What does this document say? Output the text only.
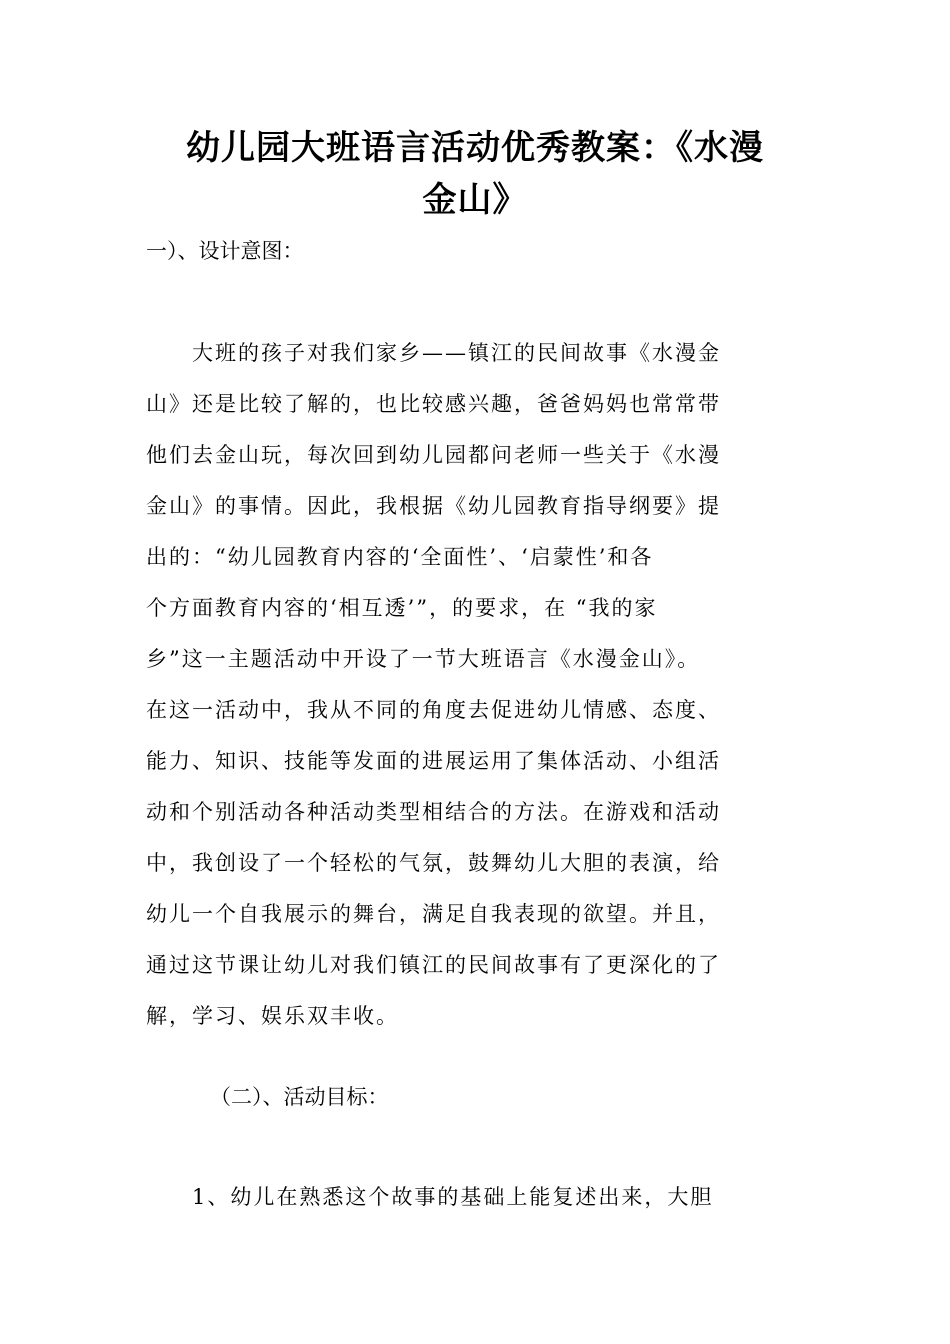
幼儿园大班语言活动优秀教案：《水漫
金山》
一）、设计意图：
　　大班的孩子对我们家乡——镇江的民间故事《水漫金
山》还是比较了解的，也比较感兴趣，爸爸妈妈也常常带
他们去金山玩，每次回到幼儿园都问老师一些关于《水漫
金山》的事情。因此，我根据《幼儿园教育指导纲要》提
出的：“幼儿园教育内容的‘全面性’、‘启蒙性’和各
个方面教育内容的‘相互透’”，的要求，在 “我的家
乡”这一主题活动中开设了一节大班语言《水漫金山》。
在这一活动中，我从不同的角度去促进幼儿情感、态度、
能力、知识、技能等发面的进展运用了集体活动、小组活
动和个别活动各种活动类型相结合的方法。在游戏和活动
中，我创设了一个轻松的气氛，鼓舞幼儿大胆的表演，给
幼儿一个自我展示的舞台，满足自我表现的欲望。并且，
通过这节课让幼儿对我们镇江的民间故事有了更深化的了
解，学习、娱乐双丰收。
（二）、活动目标：
　　1、幼儿在熟悉这个故事的基础上能复述出来，大胆
